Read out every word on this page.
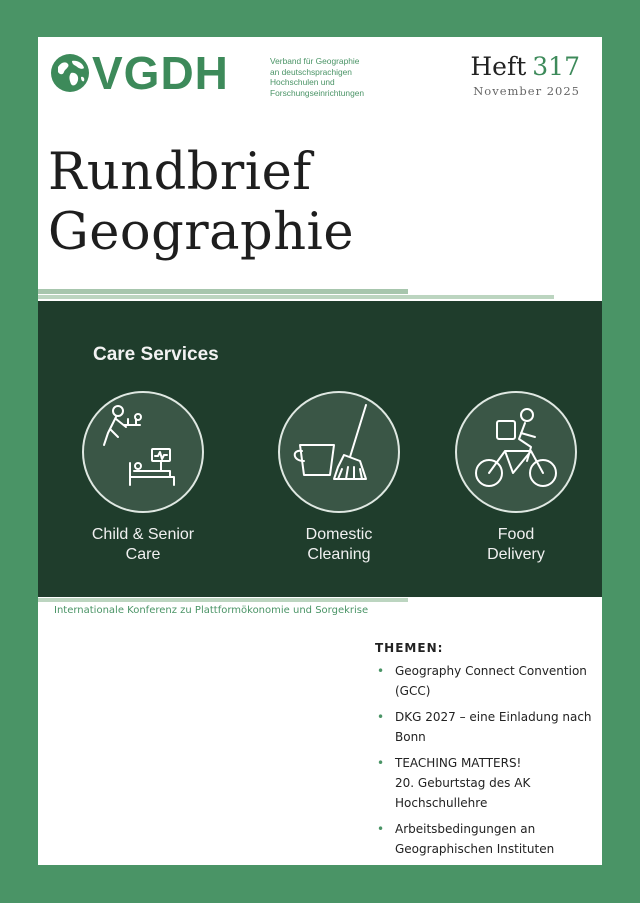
VGDH	Verband für Geographie
an deutschsprachigen
Hochschulen und
Forschungseinrichtungen
Heft 317
November 2025
Rundbrief
Geographie
Care Services
Child & Senior
Care
Domestic
Cleaning
Food
Delivery
Internationale Konferenz zu Plattformökonomie und Sorgekrise
THEMEN:
• Geography Connect Convention
(GCC)
• DKG 2027 – eine Einladung nach
Bonn
• TEACHING MATTERS!
20. Geburtstag des AK
Hochschullehre
• Arbeitsbedingungen an
Geographischen Instituten
